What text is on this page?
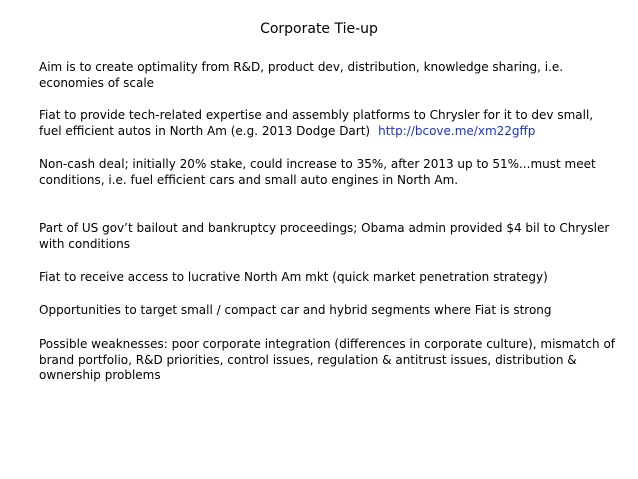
Corporate Tie-up

Aim is to create optimality from R&D, product dev, distribution, knowledge sharing, i.e. economies of scale

Fiat to provide tech-related expertise and assembly platforms to Chrysler for it to dev small, fuel efficient autos in North Am (e.g. 2013 Dodge Dart) http://bcove.me/xm22gffp

Non-cash deal; initially 20% stake, could increase to 35%, after 2013 up to 51%...must meet conditions, i.e. fuel efficient cars and small auto engines in North Am.

Part of US gov’t bailout and bankruptcy proceedings; Obama admin provided $4 bil to Chrysler with conditions

Fiat to receive access to lucrative North Am mkt (quick market penetration strategy)

Opportunities to target small / compact car and hybrid segments where Fiat is strong

Possible weaknesses: poor corporate integration (differences in corporate culture), mismatch of brand portfolio, R&D priorities, control issues, regulation & antitrust issues, distribution & ownership problems
